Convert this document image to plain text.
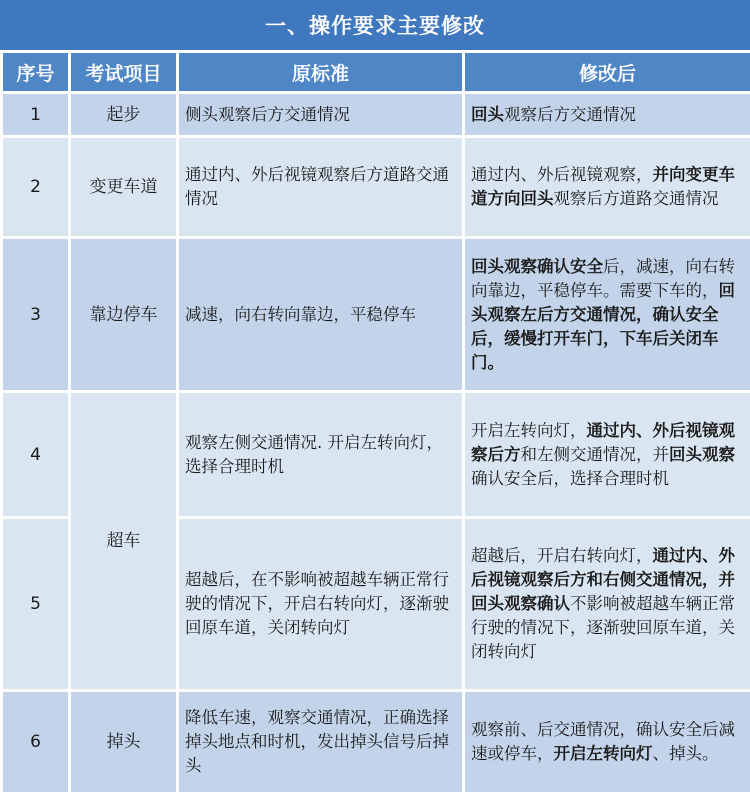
一、操作要求主要修改
序号	考试项目	原标准	修改后
1	起步	侧头观察后方交通情况	回头观察后方交通情况
2	变更车道	通过内、外后视镜观察后方道路交通情况	通过内、外后视镜观察，并向变更车道方向回头观察后方道路交通情况
3	靠边停车	减速，向右转向靠边，平稳停车	回头观察确认安全后，减速，向右转向靠边，平稳停车。需要下车的，回头观察左后方交通情况，确认安全后，缓慢打开车门，下车后关闭车门。
4	超车	观察左侧交通情况. 开启左转向灯，选择合理时机	开启左转向灯，通过内、外后视镜观察后方和左侧交通情况，并回头观察确认安全后，选择合理时机
5		超越后，在不影响被超越车辆正常行驶的情况下，开启右转向灯，逐渐驶回原车道，关闭转向灯	超越后，开启右转向灯，通过内、外后视镜观察后方和右侧交通情况，并回头观察确认不影响被超越车辆正常行驶的情况下，逐渐驶回原车道，关闭转向灯
6	掉头	降低车速，观察交通情况，正确选择掉头地点和时机，发出掉头信号后掉头	观察前、后交通情况，确认安全后减速或停车，开启左转向灯、掉头。
